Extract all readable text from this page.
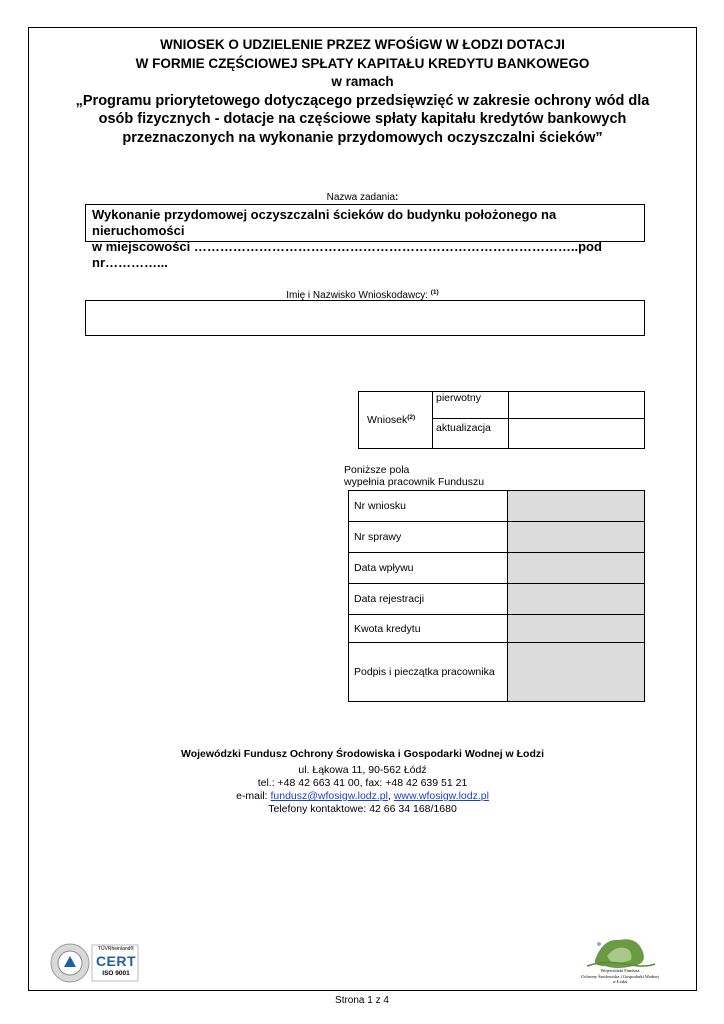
WNIOSEK O UDZIELENIE PRZEZ WFOŚiGW W ŁODZI DOTACJI
W FORMIE CZĘŚCIOWEJ SPŁATY KAPITAŁU KREDYTU BANKOWEGO
w ramach
„Programu priorytetowego dotyczącego przedsięwzięć w zakresie ochrony wód dla
osób fizycznych - dotacje na częściowe spłaty kapitału kredytów bankowych
przeznaczonych na wykonanie przydomowych oczyszczalni ścieków”
Nazwa zadania:
Wykonanie przydomowej oczyszczalni ścieków do budynku położonego na nieruchomości
w miejscowości ……………………………………………………………………………..pod nr…………...
Imię i Nazwisko Wnioskodawcy: $^{(1)}$
Wniosek$^{(2)}$	pierwotny	
	aktualizacja	
Poniższe pola
wypełnia pracownik Funduszu
Nr wniosku	
Nr sprawy	
Data wpływu	
Data rejestracji	
Kwota kredytu	
Podpis i pieczątka pracownika	
Wojewódzki Fundusz Ochrony Środowiska i Gospodarki Wodnej w Łodzi
ul. Łąkowa 11, 90-562 Łódź
tel.: +48 42 663 41 00, fax: +48 42 639 51 21
e-mail: fundusz@wfosigw.lodz.pl, www.wfosigw.lodz.pl
Telefony kontaktowe: 42 66 34 168/1680
TÜVRheinland®
CERT
ISO 9001	Wojewódzki Fundusz
Ochrony Środowiska i Gospodarki Wodnej
w Łodzi
Strona 1 z 4
